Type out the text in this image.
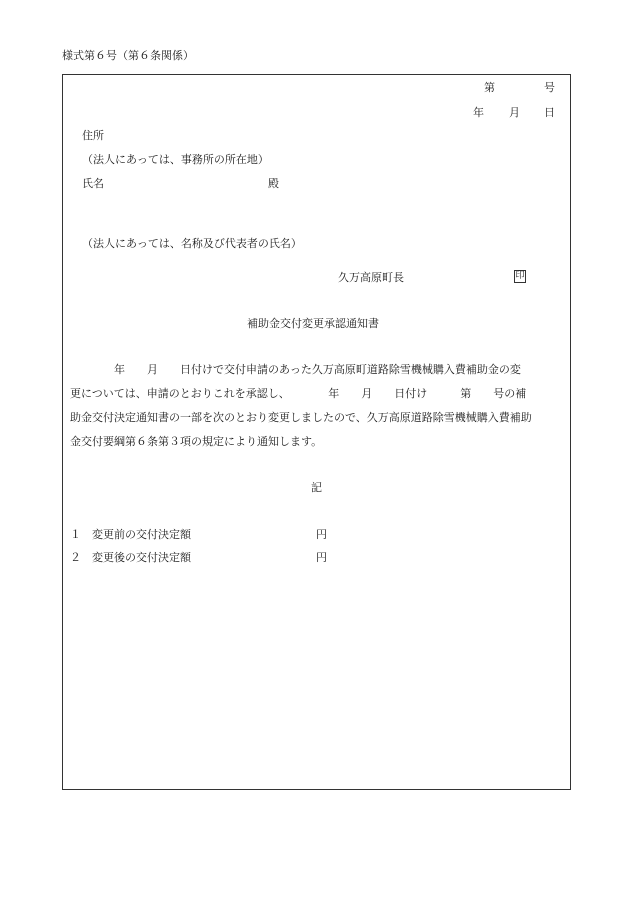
様式第６号（第６条関係）
第	号
年 月 日
住所
（法人にあっては、事務所の所在地）
氏名	殿
（法人にあっては、名称及び代表者の氏名）
久万高原町長	印
補助金交付変更承認通知書
　　　　年　　月　　日付けで交付申請のあった久万高原町道路除雪機械購入費補助金の変
更については、申請のとおりこれを承認し、　　　　年　　月　　日付け　　　第　　号の補
助金交付決定通知書の一部を次のとおり変更しましたので、久万高原道路除雪機械購入費補助
金交付要綱第６条第３項の規定により通知します。
記
１ 変更前の交付決定額	円
２ 変更後の交付決定額	円
